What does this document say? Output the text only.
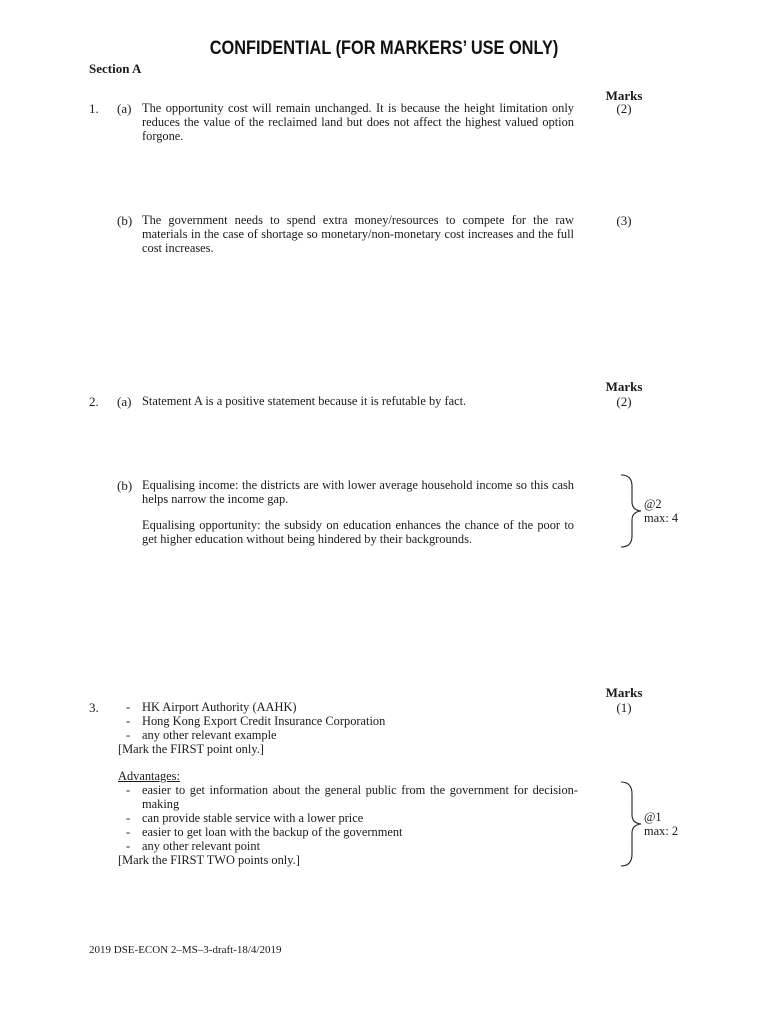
CONFIDENTIAL (FOR MARKERS’ USE ONLY)
Section A
Marks
1. (a) The opportunity cost will remain unchanged. It is because the height limitation only reduces the value of the reclaimed land but does not affect the highest valued option forgone.
(2)
(b) The government needs to spend extra money/resources to compete for the raw materials in the case of shortage so monetary/non-monetary cost increases and the full cost increases.
(3)
Marks
2. (a) Statement A is a positive statement because it is refutable by fact.	(2)
(b) Equalising income: the districts are with lower average household income so this cash helps narrow the income gap.
Equalising opportunity: the subsidy on education enhances the chance of the poor to get higher education without being hindered by their backgrounds.
@2
max: 4
Marks
3.	(1)
- HK Airport Authority (AAHK)
- Hong Kong Export Credit Insurance Corporation
- any other relevant example
[Mark the FIRST point only.]
Advantages:
- easier to get information about the general public from the government for decision-making
- can provide stable service with a lower price
- easier to get loan with the backup of the government
- any other relevant point
[Mark the FIRST TWO points only.]
@1
max: 2
2019 DSE-ECON 2–MS–3-draft-18/4/2019
